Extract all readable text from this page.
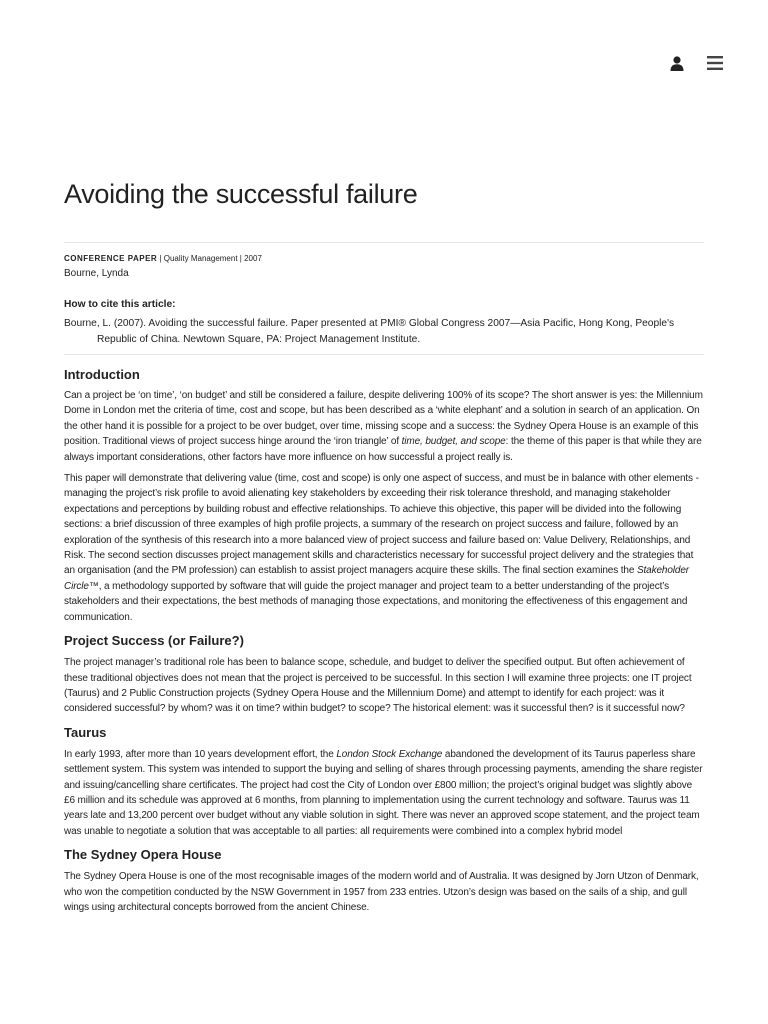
Avoiding the successful failure
CONFERENCE PAPER | Quality Management | 2007
Bourne, Lynda
How to cite this article:
Bourne, L. (2007). Avoiding the successful failure. Paper presented at PMI® Global Congress 2007—Asia Pacific, Hong Kong, People's Republic of China. Newtown Square, PA: Project Management Institute.
Introduction

Can a project be ‘on time’, ‘on budget’ and still be considered a failure, despite delivering 100% of its scope? The short answer is yes: the Millennium Dome in London met the criteria of time, cost and scope, but has been described as a ‘white elephant’ and a solution in search of an application. On the other hand it is possible for a project to be over budget, over time, missing scope and a success: the Sydney Opera House is an example of this position. Traditional views of project success hinge around the ‘iron triangle’ of time, budget, and scope: the theme of this paper is that while they are always important considerations, other factors have more influence on how successful a project really is.

This paper will demonstrate that delivering value (time, cost and scope) is only one aspect of success, and must be in balance with other elements - managing the project’s risk profile to avoid alienating key stakeholders by exceeding their risk tolerance threshold, and managing stakeholder expectations and perceptions by building robust and effective relationships. To achieve this objective, this paper will be divided into the following sections: a brief discussion of three examples of high profile projects, a summary of the research on project success and failure, followed by an exploration of the synthesis of this research into a more balanced view of project success and failure based on: Value Delivery, Relationships, and Risk. The second section discusses project management skills and characteristics necessary for successful project delivery and the strategies that an organisation (and the PM profession) can establish to assist project managers acquire these skills. The final section examines the Stakeholder Circle™, a methodology supported by software that will guide the project manager and project team to a better understanding of the project’s stakeholders and their expectations, the best methods of managing those expectations, and monitoring the effectiveness of this engagement and communication.

Project Success (or Failure?)

The project manager’s traditional role has been to balance scope, schedule, and budget to deliver the specified output. But often achievement of these traditional objectives does not mean that the project is perceived to be successful. In this section I will examine three projects: one IT project (Taurus) and 2 Public Construction projects (Sydney Opera House and the Millennium Dome) and attempt to identify for each project: was it considered successful? by whom? was it on time? within budget? to scope? The historical element: was it successful then? is it successful now?

Taurus

In early 1993, after more than 10 years development effort, the London Stock Exchange abandoned the development of its Taurus paperless share settlement system. This system was intended to support the buying and selling of shares through processing payments, amending the share register and issuing/cancelling share certificates. The project had cost the City of London over £800 million; the project’s original budget was slightly above £6 million and its schedule was approved at 6 months, from planning to implementation using the current technology and software. Taurus was 11 years late and 13,200 percent over budget without any viable solution in sight. There was never an approved scope statement, and the project team was unable to negotiate a solution that was acceptable to all parties: all requirements were combined into a complex hybrid model

The Sydney Opera House

The Sydney Opera House is one of the most recognisable images of the modern world and of Australia. It was designed by Jorn Utzon of Denmark, who won the competition conducted by the NSW Government in 1957 from 233 entries. Utzon’s design was based on the sails of a ship, and gull wings using architectural concepts borrowed from the ancient Chinese.
